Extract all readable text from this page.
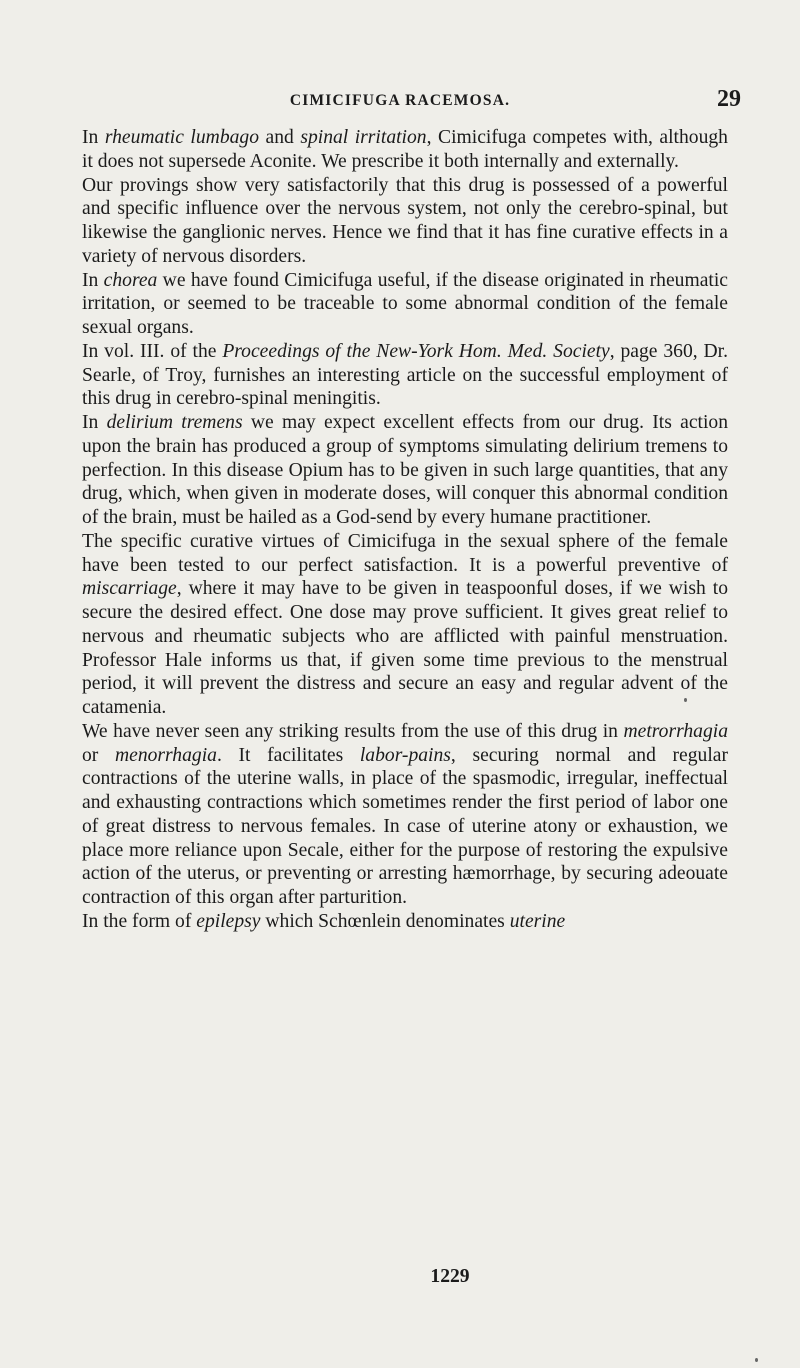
CIMICIFUGA RACEMOSA.	29

In rheumatic lumbago and spinal irritation, Cimicifuga competes with, although it does not supersede Aconite. We prescribe it both internally and externally.

Our provings show very satisfactorily that this drug is possessed of a powerful and specific influence over the nervous system, not only the cerebro-spinal, but likewise the ganglionic nerves. Hence we find that it has fine curative effects in a variety of nervous disorders.

In chorea we have found Cimicifuga useful, if the disease originated in rheumatic irritation, or seemed to be traceable to some abnormal condition of the female sexual organs.

In vol. III. of the Proceedings of the New-York Hom. Med. Society, page 360, Dr. Searle, of Troy, furnishes an interesting article on the successful employment of this drug in cerebro-spinal meningitis.

In delirium tremens we may expect excellent effects from our drug. Its action upon the brain has produced a group of symptoms simulating delirium tremens to perfection. In this disease Opium has to be given in such large quantities, that any drug, which, when given in moderate doses, will conquer this abnormal condition of the brain, must be hailed as a God-send by every humane practitioner.

The specific curative virtues of Cimicifuga in the sexual sphere of the female have been tested to our perfect satisfaction. It is a powerful preventive of miscarriage, where it may have to be given in teaspoonful doses, if we wish to secure the desired effect. One dose may prove sufficient. It gives great relief to nervous and rheumatic subjects who are afflicted with painful menstruation. Professor Hale informs us that, if given some time previous to the menstrual period, it will prevent the distress and secure an easy and regular advent of the catamenia.

We have never seen any striking results from the use of this drug in metrorrhagia or menorrhagia. It facilitates labor-pains, securing normal and regular contractions of the uterine walls, in place of the spasmodic, irregular, ineffectual and exhausting contractions which sometimes render the first period of labor one of great distress to nervous females. In case of uterine atony or exhaustion, we place more reliance upon Secale, either for the purpose of restoring the expulsive action of the uterus, or preventing or arresting hæmorrhage, by securing adeouate contraction of this organ after parturition.

In the form of epilepsy which Schœnlein denominates uterine

1229
